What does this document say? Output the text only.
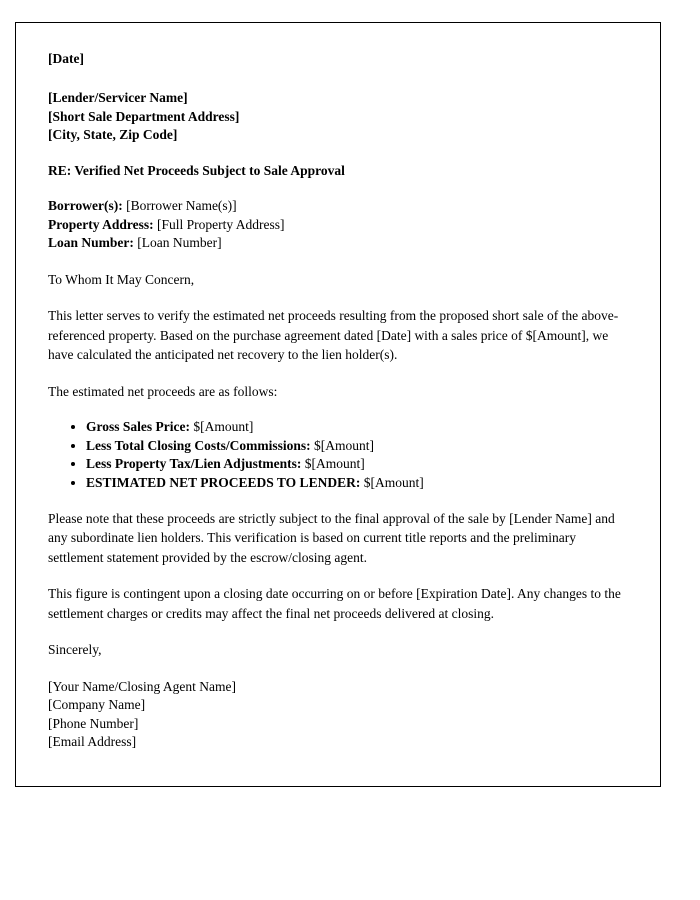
[Date]
[Lender/Servicer Name]
[Short Sale Department Address]
[City, State, Zip Code]
RE: Verified Net Proceeds Subject to Sale Approval
Borrower(s): [Borrower Name(s)]
Property Address: [Full Property Address]
Loan Number: [Loan Number]
To Whom It May Concern,
This letter serves to verify the estimated net proceeds resulting from the proposed short sale of the above-referenced property. Based on the purchase agreement dated [Date] with a sales price of $[Amount], we have calculated the anticipated net recovery to the lien holder(s).
The estimated net proceeds are as follows:
• Gross Sales Price: $[Amount]
• Less Total Closing Costs/Commissions: $[Amount]
• Less Property Tax/Lien Adjustments: $[Amount]
• ESTIMATED NET PROCEEDS TO LENDER: $[Amount]
Please note that these proceeds are strictly subject to the final approval of the sale by [Lender Name] and any subordinate lien holders. This verification is based on current title reports and the preliminary settlement statement provided by the escrow/closing agent.
This figure is contingent upon a closing date occurring on or before [Expiration Date]. Any changes to the settlement charges or credits may affect the final net proceeds delivered at closing.
Sincerely,
[Your Name/Closing Agent Name]
[Company Name]
[Phone Number]
[Email Address]
